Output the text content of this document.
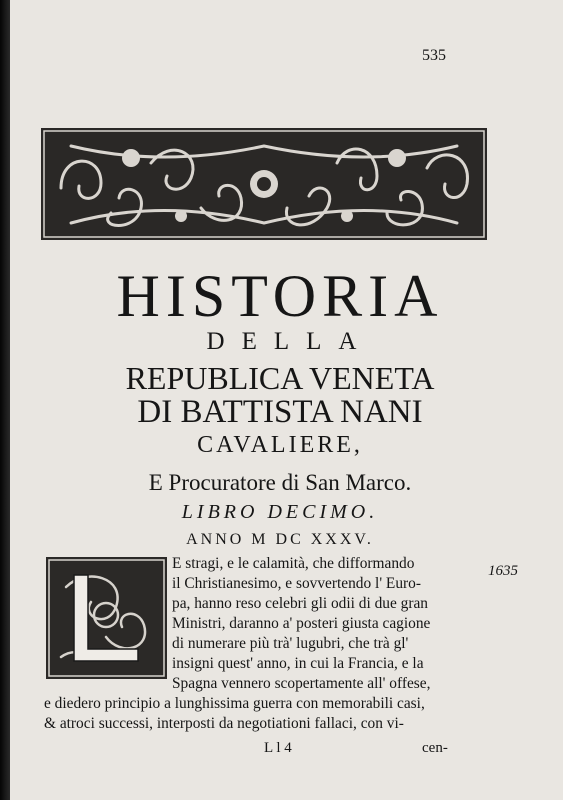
535
HISTORIA
DELLA
REPUBLICA VENETA
DI BATTISTA NANI
CAVALIERE,
E Procuratore di San Marco.
LIBRO DECIMO.
ANNO M DC XXXV.
1635
E stragi, e le calamità, che difformando
il Christianesimo, e sovvertendo l' Euro-
pa, hanno reso celebri gli odii di due gran
Ministri, daranno a' posteri giusta cagione
di numerare più trà' lugubri, che trà gl'
insigni quest' anno, in cui la Francia, e la
Spagna vennero scopertamente all' offese,
e diedero principio a lunghissima guerra con memorabili casi,
& atroci successi, interposti da negotiationi fallaci, con vi-
L l 4	cen-
